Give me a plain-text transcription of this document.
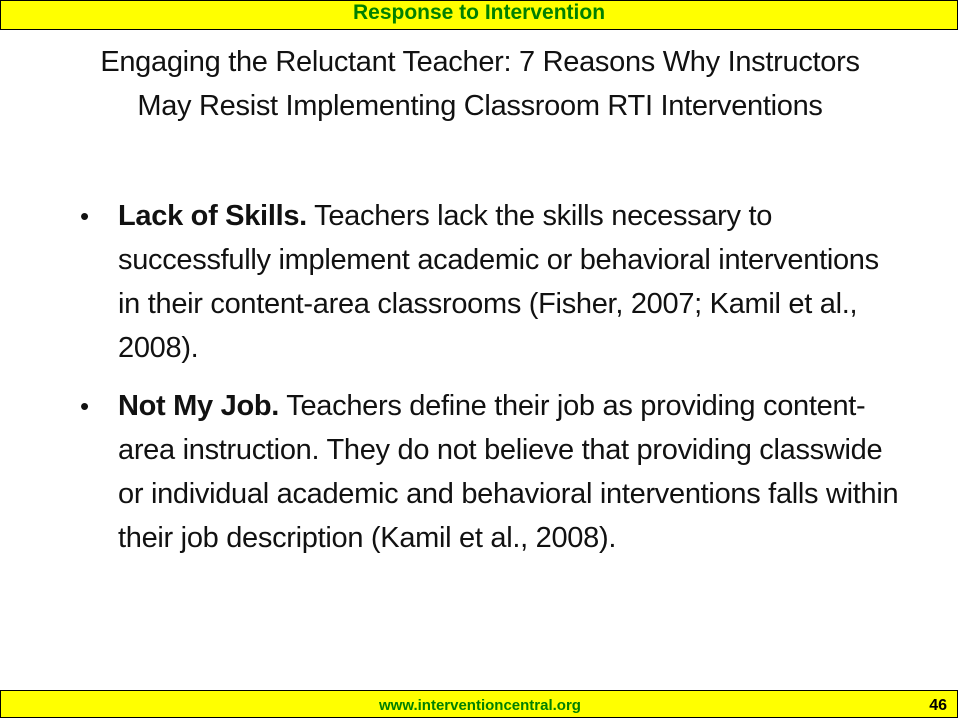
Response to Intervention
Engaging the Reluctant Teacher: 7 Reasons Why Instructors May Resist Implementing Classroom RTI Interventions
• Lack of Skills. Teachers lack the skills necessary to successfully implement academic or behavioral interventions in their content-area classrooms (Fisher, 2007; Kamil et al., 2008).
• Not My Job. Teachers define their job as providing content-area instruction. They do not believe that providing classwide or individual academic and behavioral interventions falls within their job description (Kamil et al., 2008).
www.interventioncentral.org	46
